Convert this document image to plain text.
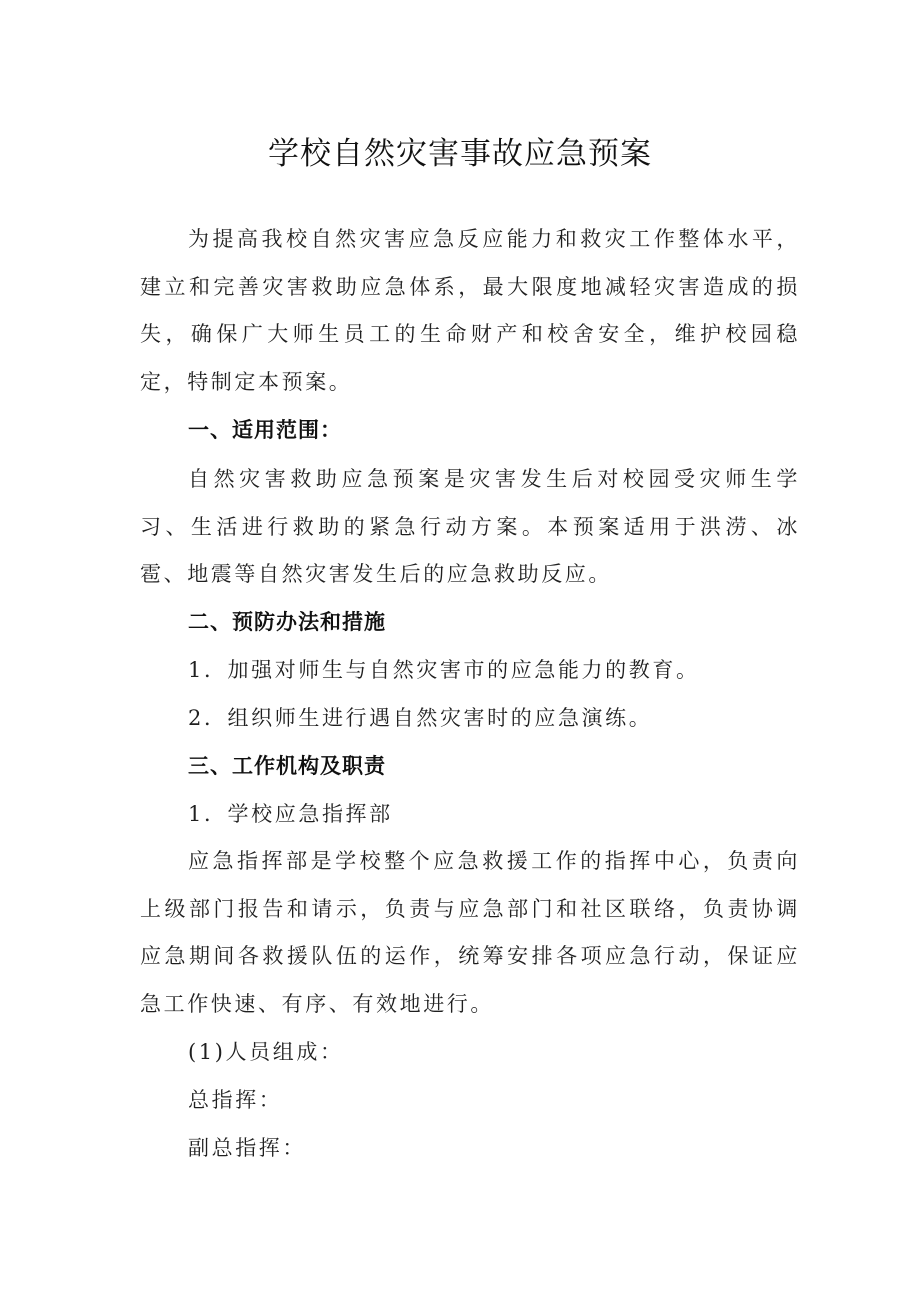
学校自然灾害事故应急预案

为提高我校自然灾害应急反应能力和救灾工作整体水平，建立和完善灾害救助应急体系，最大限度地减轻灾害造成的损失，确保广大师生员工的生命财产和校舍安全，维护校园稳定，特制定本预案。

一、适用范围：

自然灾害救助应急预案是灾害发生后对校园受灾师生学习、生活进行救助的紧急行动方案。本预案适用于洪涝、冰雹、地震等自然灾害发生后的应急救助反应。

二、预防办法和措施

1．加强对师生与自然灾害市的应急能力的教育。

2．组织师生进行遇自然灾害时的应急演练。

三、工作机构及职责

1．学校应急指挥部

应急指挥部是学校整个应急救援工作的指挥中心，负责向上级部门报告和请示，负责与应急部门和社区联络，负责协调应急期间各救援队伍的运作，统筹安排各项应急行动，保证应急工作快速、有序、有效地进行。

(1)人员组成：

总指挥：

副总指挥：
